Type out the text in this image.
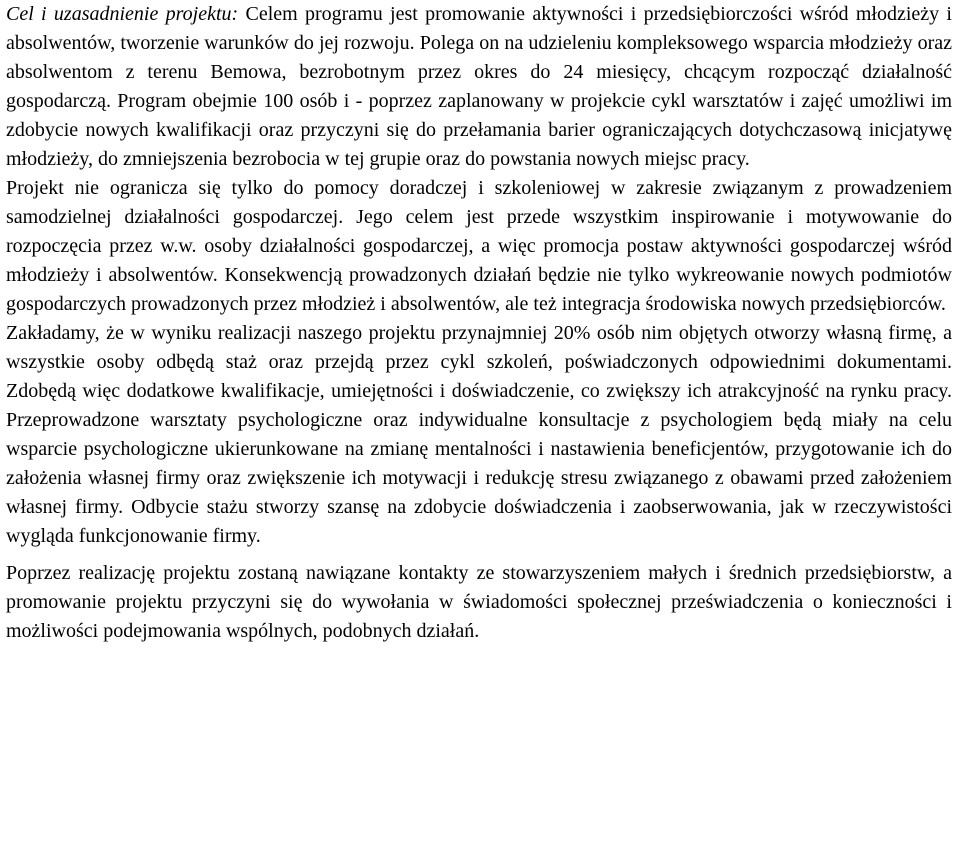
Cel i uzasadnienie projektu: Celem programu jest promowanie aktywności i przedsiębiorczości wśród młodzieży i absolwentów, tworzenie warunków do jej rozwoju. Polega on na udzieleniu kompleksowego wsparcia młodzieży oraz absolwentom z terenu Bemowa, bezrobotnym przez okres do 24 miesięcy, chcącym rozpocząć działalność gospodarczą. Program obejmie 100 osób i - poprzez zaplanowany w projekcie cykl warsztatów i zajęć umożliwi im zdobycie nowych kwalifikacji oraz przyczyni się do przełamania barier ograniczających dotychczasową inicjatywę młodzieży, do zmniejszenia bezrobocia w tej grupie oraz do powstania nowych miejsc pracy.

Projekt nie ogranicza się tylko do pomocy doradczej i szkoleniowej w zakresie związanym z prowadzeniem samodzielnej działalności gospodarczej. Jego celem jest przede wszystkim inspirowanie i motywowanie do rozpoczęcia przez w.w. osoby działalności gospodarczej, a więc promocja postaw aktywności gospodarczej wśród młodzieży i absolwentów. Konsekwencją prowadzonych działań będzie nie tylko wykreowanie nowych podmiotów gospodarczych prowadzonych przez młodzież i absolwentów, ale też integracja środowiska nowych przedsiębiorców.

Zakładamy, że w wyniku realizacji naszego projektu przynajmniej 20% osób nim objętych otworzy własną firmę, a wszystkie osoby odbędą staż oraz przejdą przez cykl szkoleń, poświadczonych odpowiednimi dokumentami. Zdobędą więc dodatkowe kwalifikacje, umiejętności i doświadczenie, co zwiększy ich atrakcyjność na rynku pracy. Przeprowadzone warsztaty psychologiczne oraz indywidualne konsultacje z psychologiem będą miały na celu wsparcie psychologiczne ukierunkowane na zmianę mentalności i nastawienia beneficjentów, przygotowanie ich do założenia własnej firmy oraz zwiększenie ich motywacji i redukcję stresu związanego z obawami przed założeniem własnej firmy. Odbycie stażu stworzy szansę na zdobycie doświadczenia i zaobserwowania, jak w rzeczywistości wygląda funkcjonowanie firmy.

Poprzez realizację projektu zostaną nawiązane kontakty ze stowarzyszeniem małych i średnich przedsiębiorstw, a promowanie projektu przyczyni się do wywołania w świadomości społecznej przeświadczenia o konieczności i możliwości podejmowania wspólnych, podobnych działań.
